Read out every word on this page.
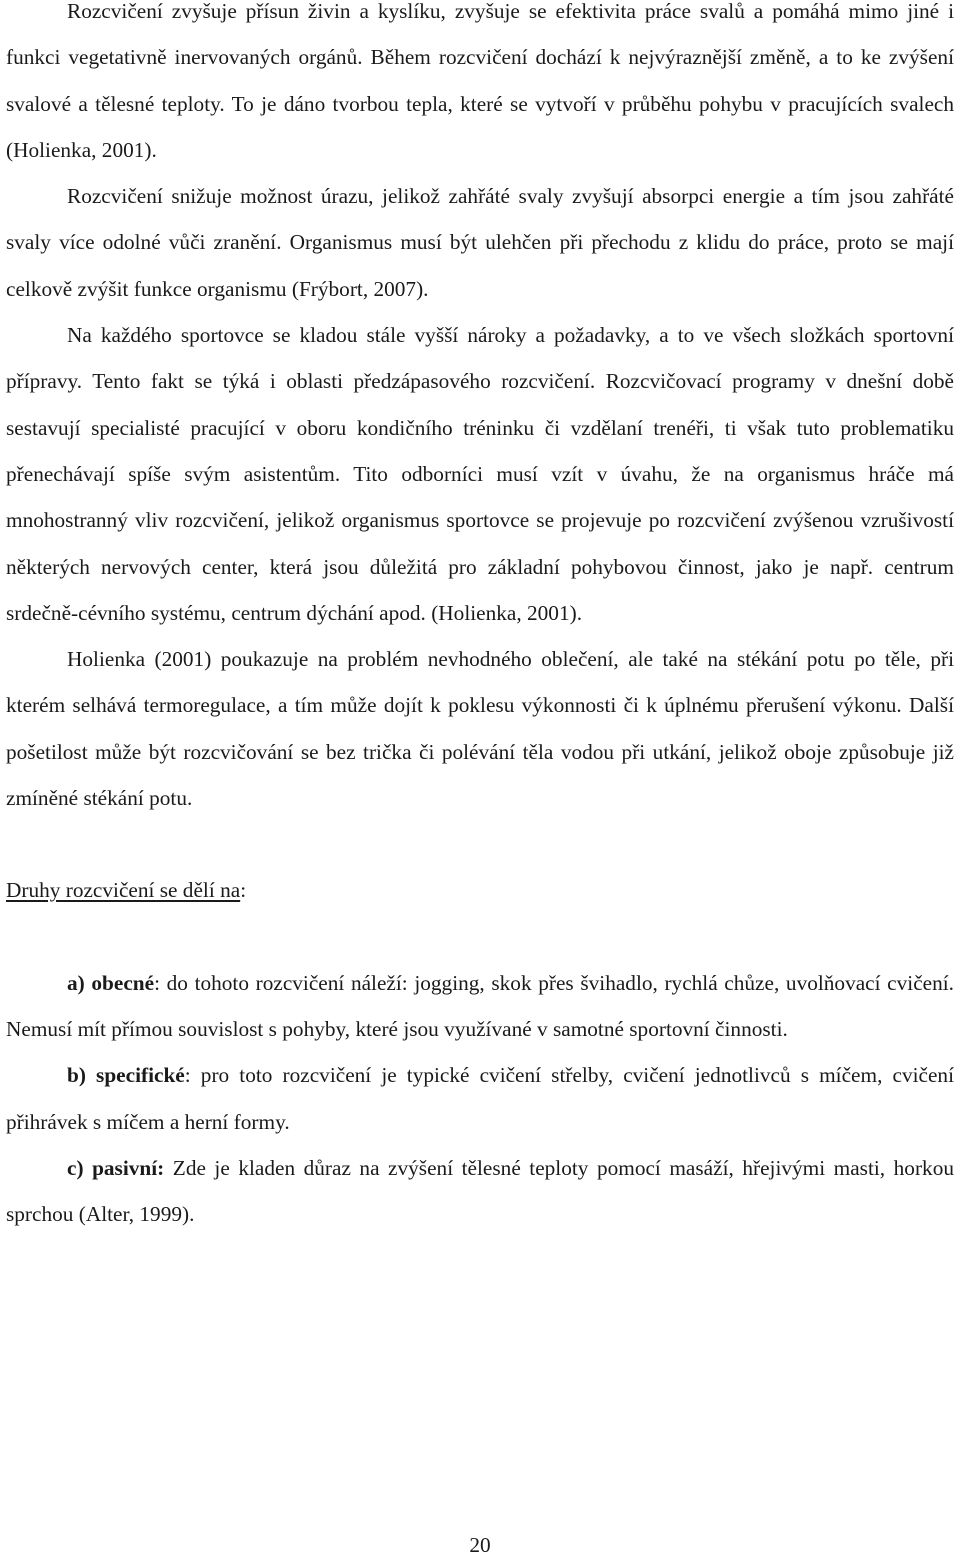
Rozcvičení zvyšuje přísun živin a kyslíku, zvyšuje se efektivita práce svalů a pomáhá mimo jiné i funkci vegetativně inervovaných orgánů. Během rozcvičení dochází k nejvýraznější změně, a to ke zvýšení svalové a tělesné teploty. To je dáno tvorbou tepla, které se vytvoří v průběhu pohybu v pracujících svalech (Holienka, 2001).

Rozcvičení snižuje možnost úrazu, jelikož zahřáté svaly zvyšují absorpci energie a tím jsou zahřáté svaly více odolné vůči zranění. Organismus musí být ulehčen při přechodu z klidu do práce, proto se mají celkově zvýšit funkce organismu (Frýbort, 2007).

Na každého sportovce se kladou stále vyšší nároky a požadavky, a to ve všech složkách sportovní přípravy. Tento fakt se týká i oblasti předzápasového rozcvičení. Rozcvičovací programy v dnešní době sestavují specialisté pracující v oboru kondičního tréninku či vzdělaní trenéři, ti však tuto problematiku přenechávají spíše svým asistentům. Tito odborníci musí vzít v úvahu, že na organismus hráče má mnohostranný vliv rozcvičení, jelikož organismus sportovce se projevuje po rozcvičení zvýšenou vzrušivostí některých nervových center, která jsou důležitá pro základní pohybovou činnost, jako je např. centrum srdečně-cévního systému, centrum dýchání apod. (Holienka, 2001).

Holienka (2001) poukazuje na problém nevhodného oblečení, ale také na stékání potu po těle, při kterém selhává termoregulace, a tím může dojít k poklesu výkonnosti či k úplnému přerušení výkonu. Další pošetilost může být rozcvičování se bez trička či polévání těla vodou při utkání, jelikož oboje způsobuje již zmíněné stékání potu.

Druhy rozcvičení se dělí na:

a) obecné: do tohoto rozcvičení náleží: jogging, skok přes švihadlo, rychlá chůze, uvolňovací cvičení. Nemusí mít přímou souvislost s pohyby, které jsou využívané v samotné sportovní činnosti.

b) specifické: pro toto rozcvičení je typické cvičení střelby, cvičení jednotlivců s míčem, cvičení přihrávek s míčem a herní formy.

c) pasivní: Zde je kladen důraz na zvýšení tělesné teploty pomocí masáží, hřejivými masti, horkou sprchou (Alter, 1999).

20
